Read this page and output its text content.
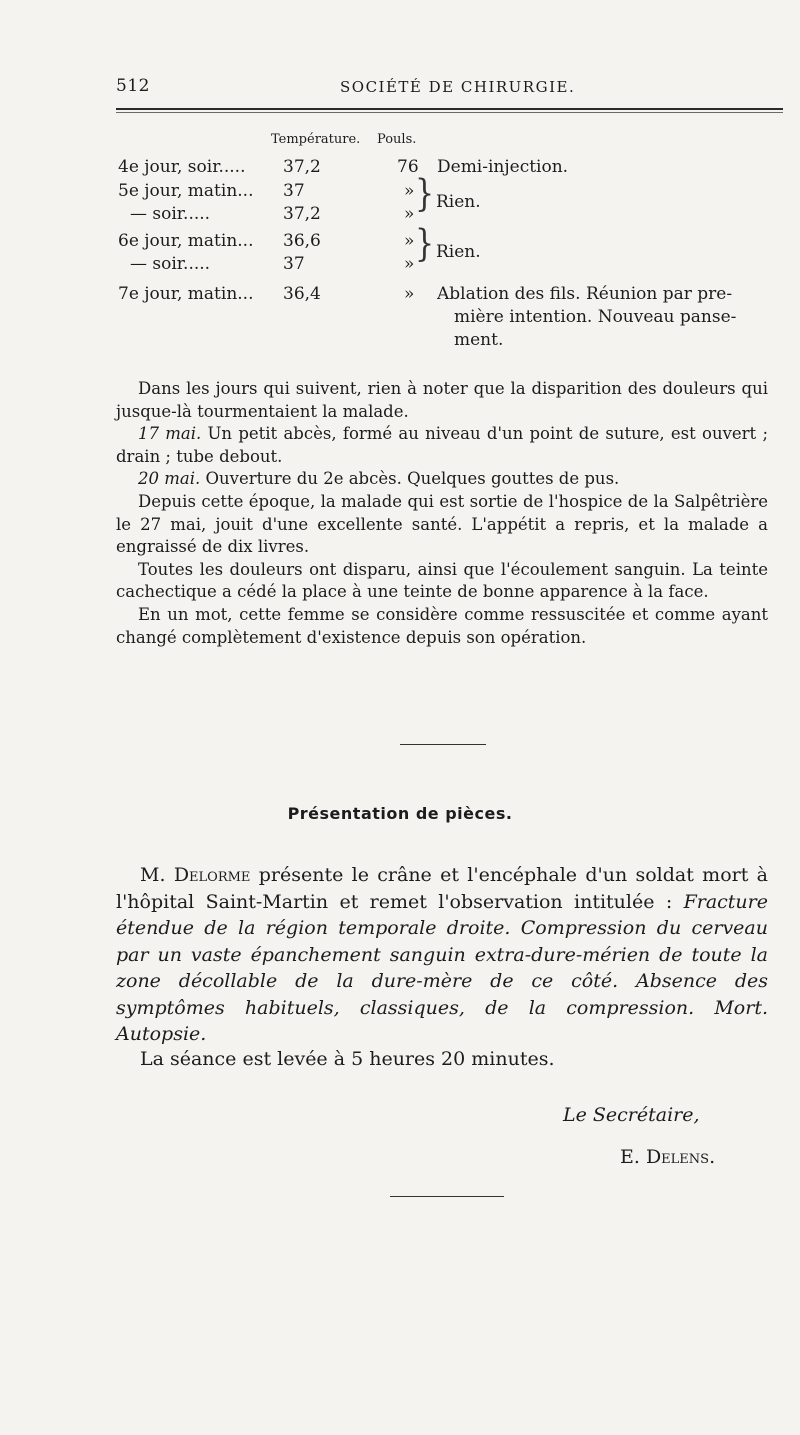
512	SOCIÉTÉ DE CHIRURGIE.
Température. Pouls.
4e jour, soir..... 37,2	76 Demi-injection.
5e jour, matin... 37	»
— soir.....	37,2	» } Rien.
6e jour, matin... 36,6	»
— soir.....	37	» } Rien.
7e jour, matin... 36,4	» Ablation des fils. Réunion par pre-
mière intention. Nouveau panse-
ment.

Dans les jours qui suivent, rien à noter que la disparition des douleurs qui jusque-là tourmentaient la malade.

17 mai. Un petit abcès, formé au niveau d'un point de suture, est ouvert ; drain ; tube debout.

20 mai. Ouverture du 2e abcès. Quelques gouttes de pus.

Depuis cette époque, la malade qui est sortie de l'hospice de la Salpêtrière le 27 mai, jouit d'une excellente santé. L'appétit a repris, et la malade a engraissé de dix livres.

Toutes les douleurs ont disparu, ainsi que l'écoulement sanguin. La teinte cachectique a cédé la place à une teinte de bonne apparence à la face.

En un mot, cette femme se considère comme ressuscitée et comme ayant changé complètement d'existence depuis son opération.

Présentation de pièces.

M. Delorme présente le crâne et l'encéphale d'un soldat mort à l'hôpital Saint-Martin et remet l'observation intitulée : Fracture étendue de la région temporale droite. Compression du cerveau par un vaste épanchement sanguin extra-dure-mérien de toute la zone décollable de la dure-mère de ce côté. Absence des symptômes habituels, classiques, de la compression. Mort. Autopsie.

La séance est levée à 5 heures 20 minutes.

Le Secrétaire,
E. Delens.
